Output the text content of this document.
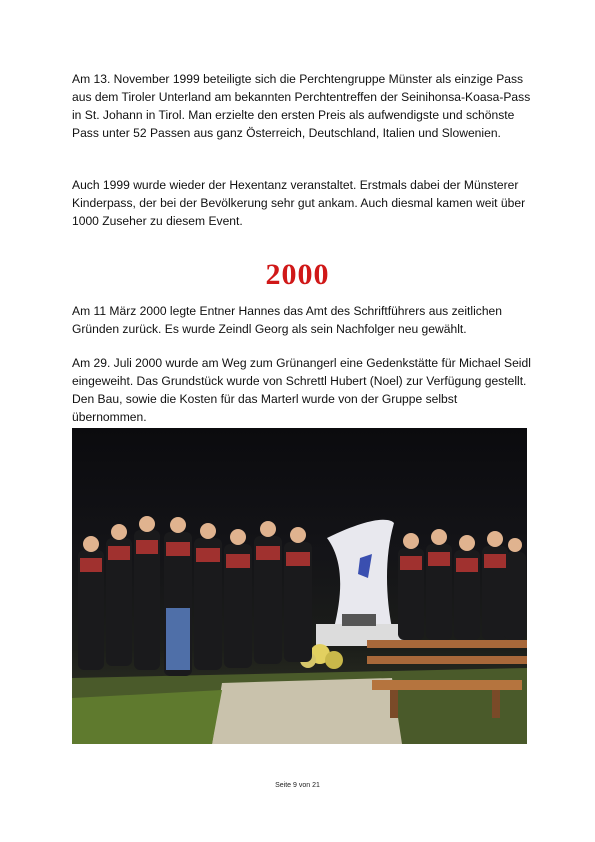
Am 13. November 1999 beteiligte sich die Perchtengruppe Münster als einzige Pass aus dem Tiroler Unterland am bekannten Perchtentreffen der Seinihonsa-Koasa-Pass in St. Johann in Tirol. Man erzielte den ersten Preis als aufwendigste und schönste Pass unter 52 Passen aus ganz Österreich, Deutschland, Italien und Slowenien.

Auch 1999 wurde wieder der Hexentanz veranstaltet. Erstmals dabei der Münsterer Kinderpass, der bei der Bevölkerung sehr gut ankam. Auch diesmal kamen weit über 1000 Zuseher zu diesem Event.

2000

Am 11 März 2000 legte Entner Hannes das Amt des Schriftführers aus zeitlichen Gründen zurück. Es wurde Zeindl Georg als sein Nachfolger neu gewählt.

Am 29. Juli 2000 wurde am Weg zum Grünangerl eine Gedenkstätte für Michael Seidl eingeweiht. Das Grundstück wurde von Schrettl Hubert (Noel) zur Verfügung gestellt. Den Bau, sowie die Kosten für das Marterl wurde von der Gruppe selbst übernommen.

Seite 9 von 21
